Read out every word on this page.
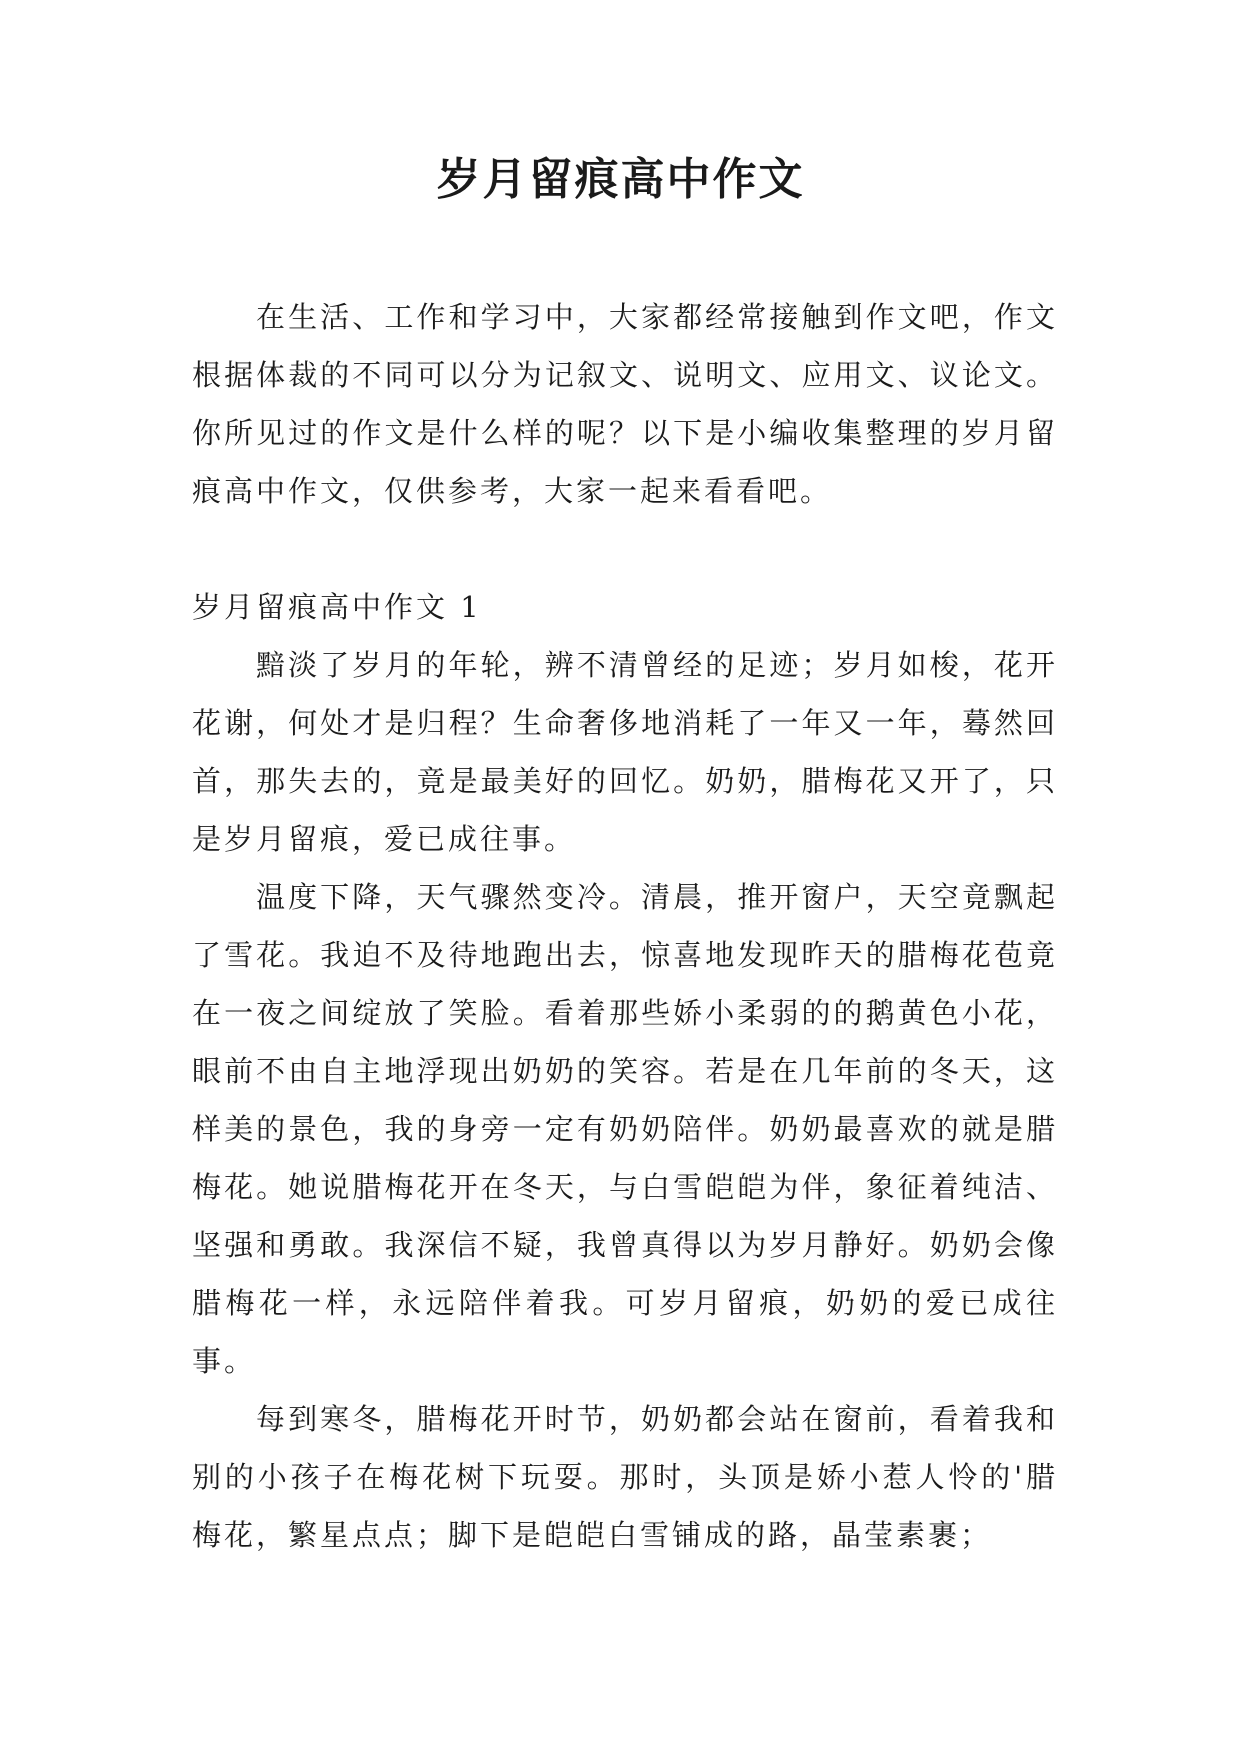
岁月留痕高中作文

在生活、工作和学习中，大家都经常接触到作文吧，作文根据体裁的不同可以分为记叙文、说明文、应用文、议论文。你所见过的作文是什么样的呢？以下是小编收集整理的岁月留痕高中作文，仅供参考，大家一起来看看吧。

岁月留痕高中作文 1

黯淡了岁月的年轮，辨不清曾经的足迹；岁月如梭，花开花谢，何处才是归程？生命奢侈地消耗了一年又一年，蓦然回首，那失去的，竟是最美好的回忆。奶奶，腊梅花又开了，只是岁月留痕，爱已成往事。

温度下降，天气骤然变冷。清晨，推开窗户，天空竟飘起了雪花。我迫不及待地跑出去，惊喜地发现昨天的腊梅花苞竟在一夜之间绽放了笑脸。看着那些娇小柔弱的的鹅黄色小花，眼前不由自主地浮现出奶奶的笑容。若是在几年前的冬天，这样美的景色，我的身旁一定有奶奶陪伴。奶奶最喜欢的就是腊梅花。她说腊梅花开在冬天，与白雪皑皑为伴，象征着纯洁、坚强和勇敢。我深信不疑，我曾真得以为岁月静好。奶奶会像腊梅花一样，永远陪伴着我。可岁月留痕，奶奶的爱已成往事。

每到寒冬，腊梅花开时节，奶奶都会站在窗前，看着我和别的小孩子在梅花树下玩耍。那时，头顶是娇小惹人怜的'腊梅花，繁星点点；脚下是皑皑白雪铺成的路，晶莹素裹；
